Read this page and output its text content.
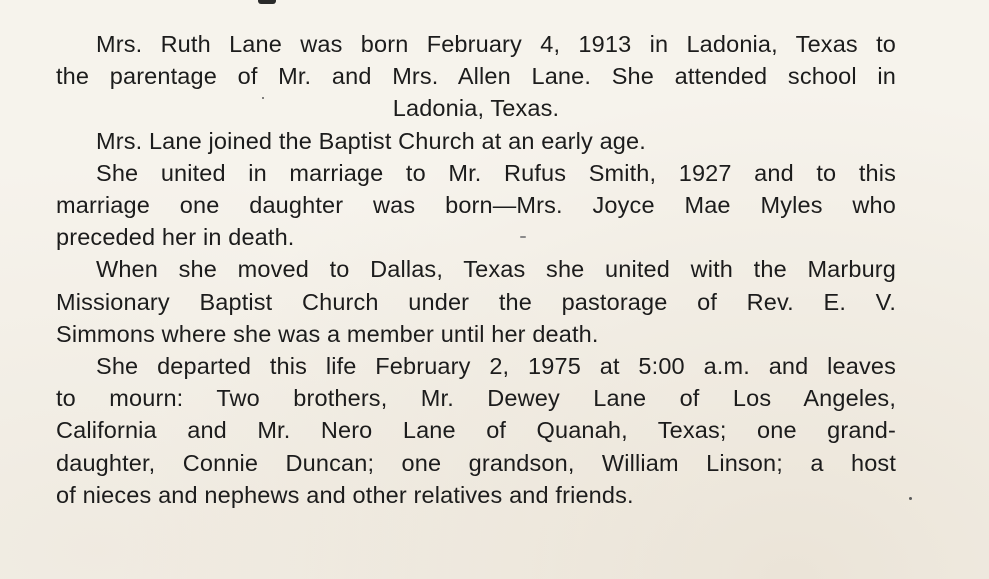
Mrs. Ruth Lane was born February 4, 1913 in Ladonia, Texas to
the parentage of Mr. and Mrs. Allen Lane. She attended school in
Ladonia, Texas.
Mrs. Lane joined the Baptist Church at an early age.
She united in marriage to Mr. Rufus Smith, 1927 and to this
marriage one daughter was born—Mrs. Joyce Mae Myles who
preceded her in death.
When she moved to Dallas, Texas she united with the Marburg
Missionary Baptist Church under the pastorage of Rev. E. V.
Simmons where she was a member until her death.
She departed this life February 2, 1975 at 5:00 a.m. and leaves
to mourn: Two brothers, Mr. Dewey Lane of Los Angeles,
California and Mr. Nero Lane of Quanah, Texas; one grand-
daughter, Connie Duncan; one grandson, William Linson; a host
of nieces and nephews and other relatives and friends.
